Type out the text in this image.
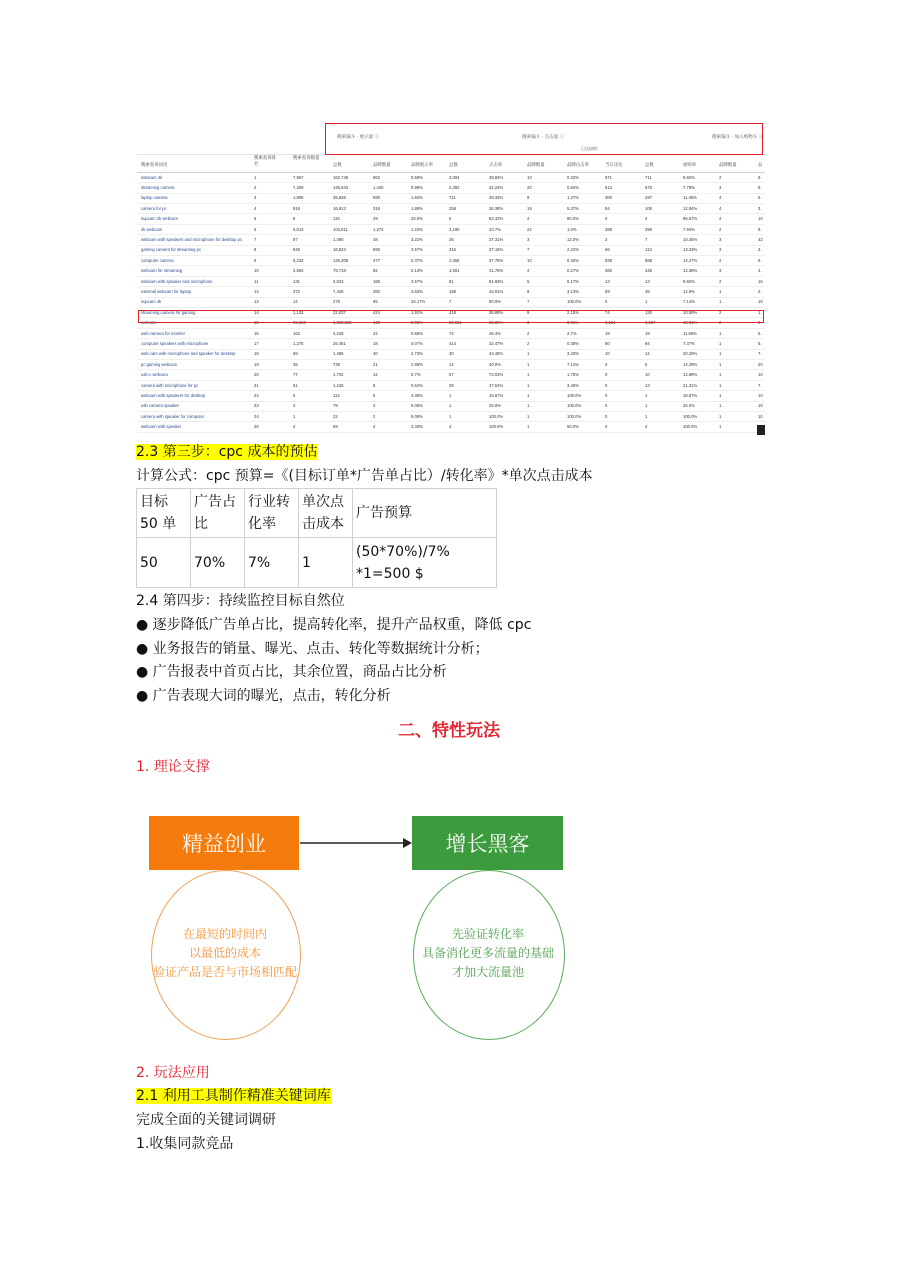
搜索漏斗 - 展示量 ⓘ	搜索漏斗 - 点击量 ⓘ	搜索漏斗 - 加入购物车 ⓘ
已达加购：
搜索查询词语
搜索查询排名
搜索查询数量
总数	品牌数量	品牌展示率	总数	点击率	品牌数量	品牌点击率	当日送达	总数	加购率	品牌数量	品
webcam 4k	1	7,967	162,746	962	0.59%	3,094	38.84%	10	0.32%	671	711	8.92%	2	8.
streaming camera	2	7,309	145,543	1,440	0.99%	2,392	32.24%	20	0.84%	513	575	7.78%	3	8.
laptop camera	3	1,808	35,626	580	1.62%	711	39.33%	9	1.27%	300	297	11.45%	4	5.
camera for pc	4	818	16,913	318	1.88%	258	36.38%	19	5.37%	84	106	12.84%	4	3.
supcam 2k webcam	5	6	115	29	25.0%	5	83.33%	4	80.0%	0	4	66.67%	4	10
4k webcam	6	5,012	103,911	1,274	1.23%	2,190	43.7%	22	1.0%	388	398	7.94%	2	9.
webcam with speakers and microphone for desktop pc	7	87	1,490	48	3.22%	25	37.31%	3	12.0%	3	7	10.45%	3	42
gaming camera for streaming pc	8	840	16,623	593	3.57%	315	37.15%	7	2.22%	66	113	13.33%	3	2.
computer camera	9	6,232	126,308	477	0.37%	2,355	37.79%	10	0.42%	839	888	14.27%	2	9.
webcam for streaming	10	3,594	79,718	92	0.13%	1,501	41.78%	4	0.27%	360	445	12.38%	3	4.
webcam with speaker and microphone	11	131	2,843	165	3.57%	81	61.83%	5	6.17%	13	13	9.92%	2	15
external webcam for laptop	12	372	7,426	282	3.63%	158	43.01%	8	3.13%	69	48	12.9%	1	2.
supcam 4k	13	14	275	95	34.17%	7	50.0%	7	100.0%	0	1	7.14%	1	10
streaming camera for gaming	14	1,133	22,037	424	1.92%	418	36.89%	9	2.15%	74	120	10.59%	2	1.
webcam	15	59,660	1,868,528	448	0.03%	20,951	36.89%	3	0.01%	6,234	6,507	10.91%	2	0.
web camera for monitor	16	163	3,249	22	0.68%	74	45.4%	2	2.7%	19	19	11.66%	1	5.
computer speakers with microphone	17	1,275	26,461	18	0.07%	414	32.47%	2	0.48%	90	94	7.37%	1	5.
web cam with microphone and speaker for desktop	18	69	1,466	40	2.73%	30	43.48%	1	3.33%	10	14	20.29%	1	7.
pc gaming webcam	19	35	736	21	2.85%	14	40.0%	1	7.14%	4	5	14.29%	1	20
usb-c webcam	20	77	1,704	12	0.7%	57	74.03%	1	1.75%	0	10	12.99%	1	10
camera with microphone for pc	21	61	1,245	8	0.64%	29	47.54%	1	3.45%	0	13	21.31%	1	7.
webcam with speakers for desktop	22	6	114	5	4.39%	1	16.67%	1	100.0%	0	1	16.67%	1	10
usb camera speaker	23	4	79	4	5.06%	1	25.0%	1	100.0%	0	1	25.0%	1	10
camera with speaker for computer	24	1	22	2	9.09%	1	100.0%	1	100.0%	0	1	100.0%	1	10
webcam with speaker	25	2	69	2	3.33%	2	100.0%	1	50.0%	0	2	100.0%	1
2.3 第三步：cpc 成本的预估
计算公式：cpc 预算=《(目标订单*广告单占比）/转化率》*单次点击成本
目标 50 单	广告占比	行业转化率	单次点击成本	广告预算
50	70%	7%	1	(50*70%)/7% *1=500 $
2.4 第四步：持续监控目标自然位
● 逐步降低广告单占比，提高转化率，提升产品权重，降低 cpc
● 业务报告的销量、曝光、点击、转化等数据统计分析；
● 广告报表中首页占比，其余位置，商品占比分析
● 广告表现大词的曝光，点击，转化分析
二、特性玩法
1. 理论支撑
精益创业	增长黑客
在最短的时间内
以最低的成本
验证产品是否与市场相匹配
先验证转化率
具备消化更多流量的基础
才加大流量池
2. 玩法应用
2.1 利用工具制作精准关键词库
完成全面的关键词调研
1.收集同款竞品
